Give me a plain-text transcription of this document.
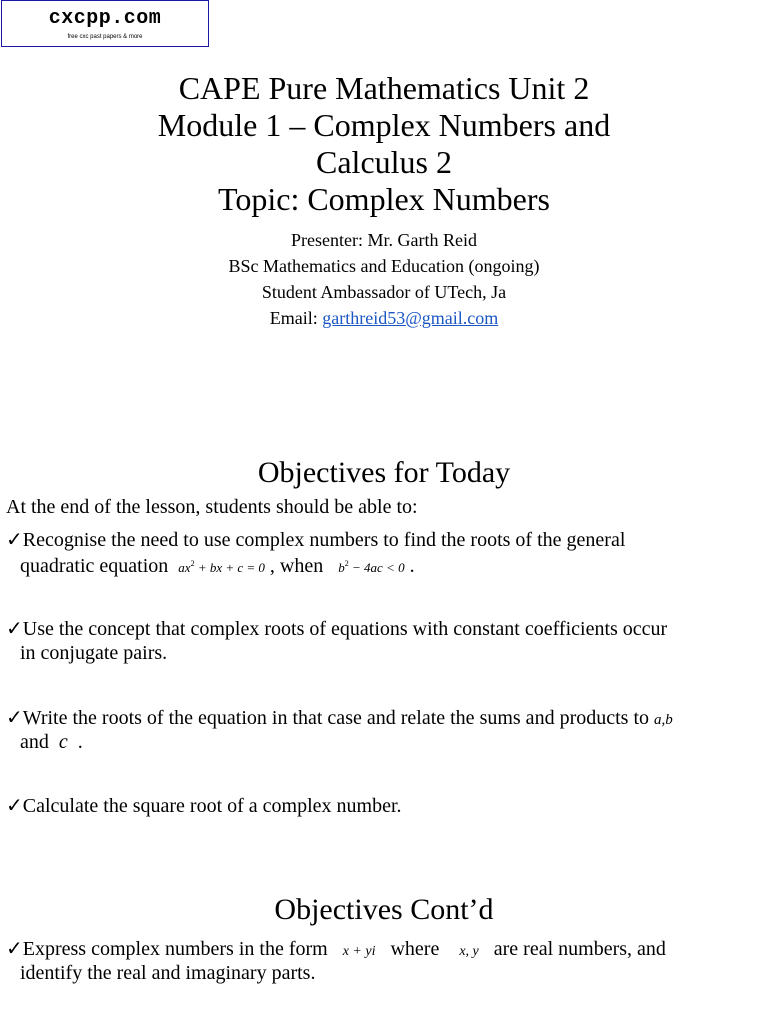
cxcpp.com
free cxc past papers & more
CAPE Pure Mathematics Unit 2
Module 1 – Complex Numbers and
Calculus 2
Topic: Complex Numbers
Presenter: Mr. Garth Reid
BSc Mathematics and Education (ongoing)
Student Ambassador of UTech, Ja
Email: garthreid53@gmail.com
Objectives for Today
At the end of the lesson, students should be able to:
✓Recognise the need to use complex numbers to find the roots of the general
quadratic equation $ax^2$ + bx + c = 0 , when $b^2 - 4ac < 0$ .
✓Use the concept that complex roots of equations with constant coefficients occur
in conjugate pairs.
✓Write the roots of the equation in that case and relate the sums and products to a,b
and c .
✓Calculate the square root of a complex number.
Objectives Cont’d
✓Express complex numbers in the form x + yi where x, y are real numbers, and
identify the real and imaginary parts.
